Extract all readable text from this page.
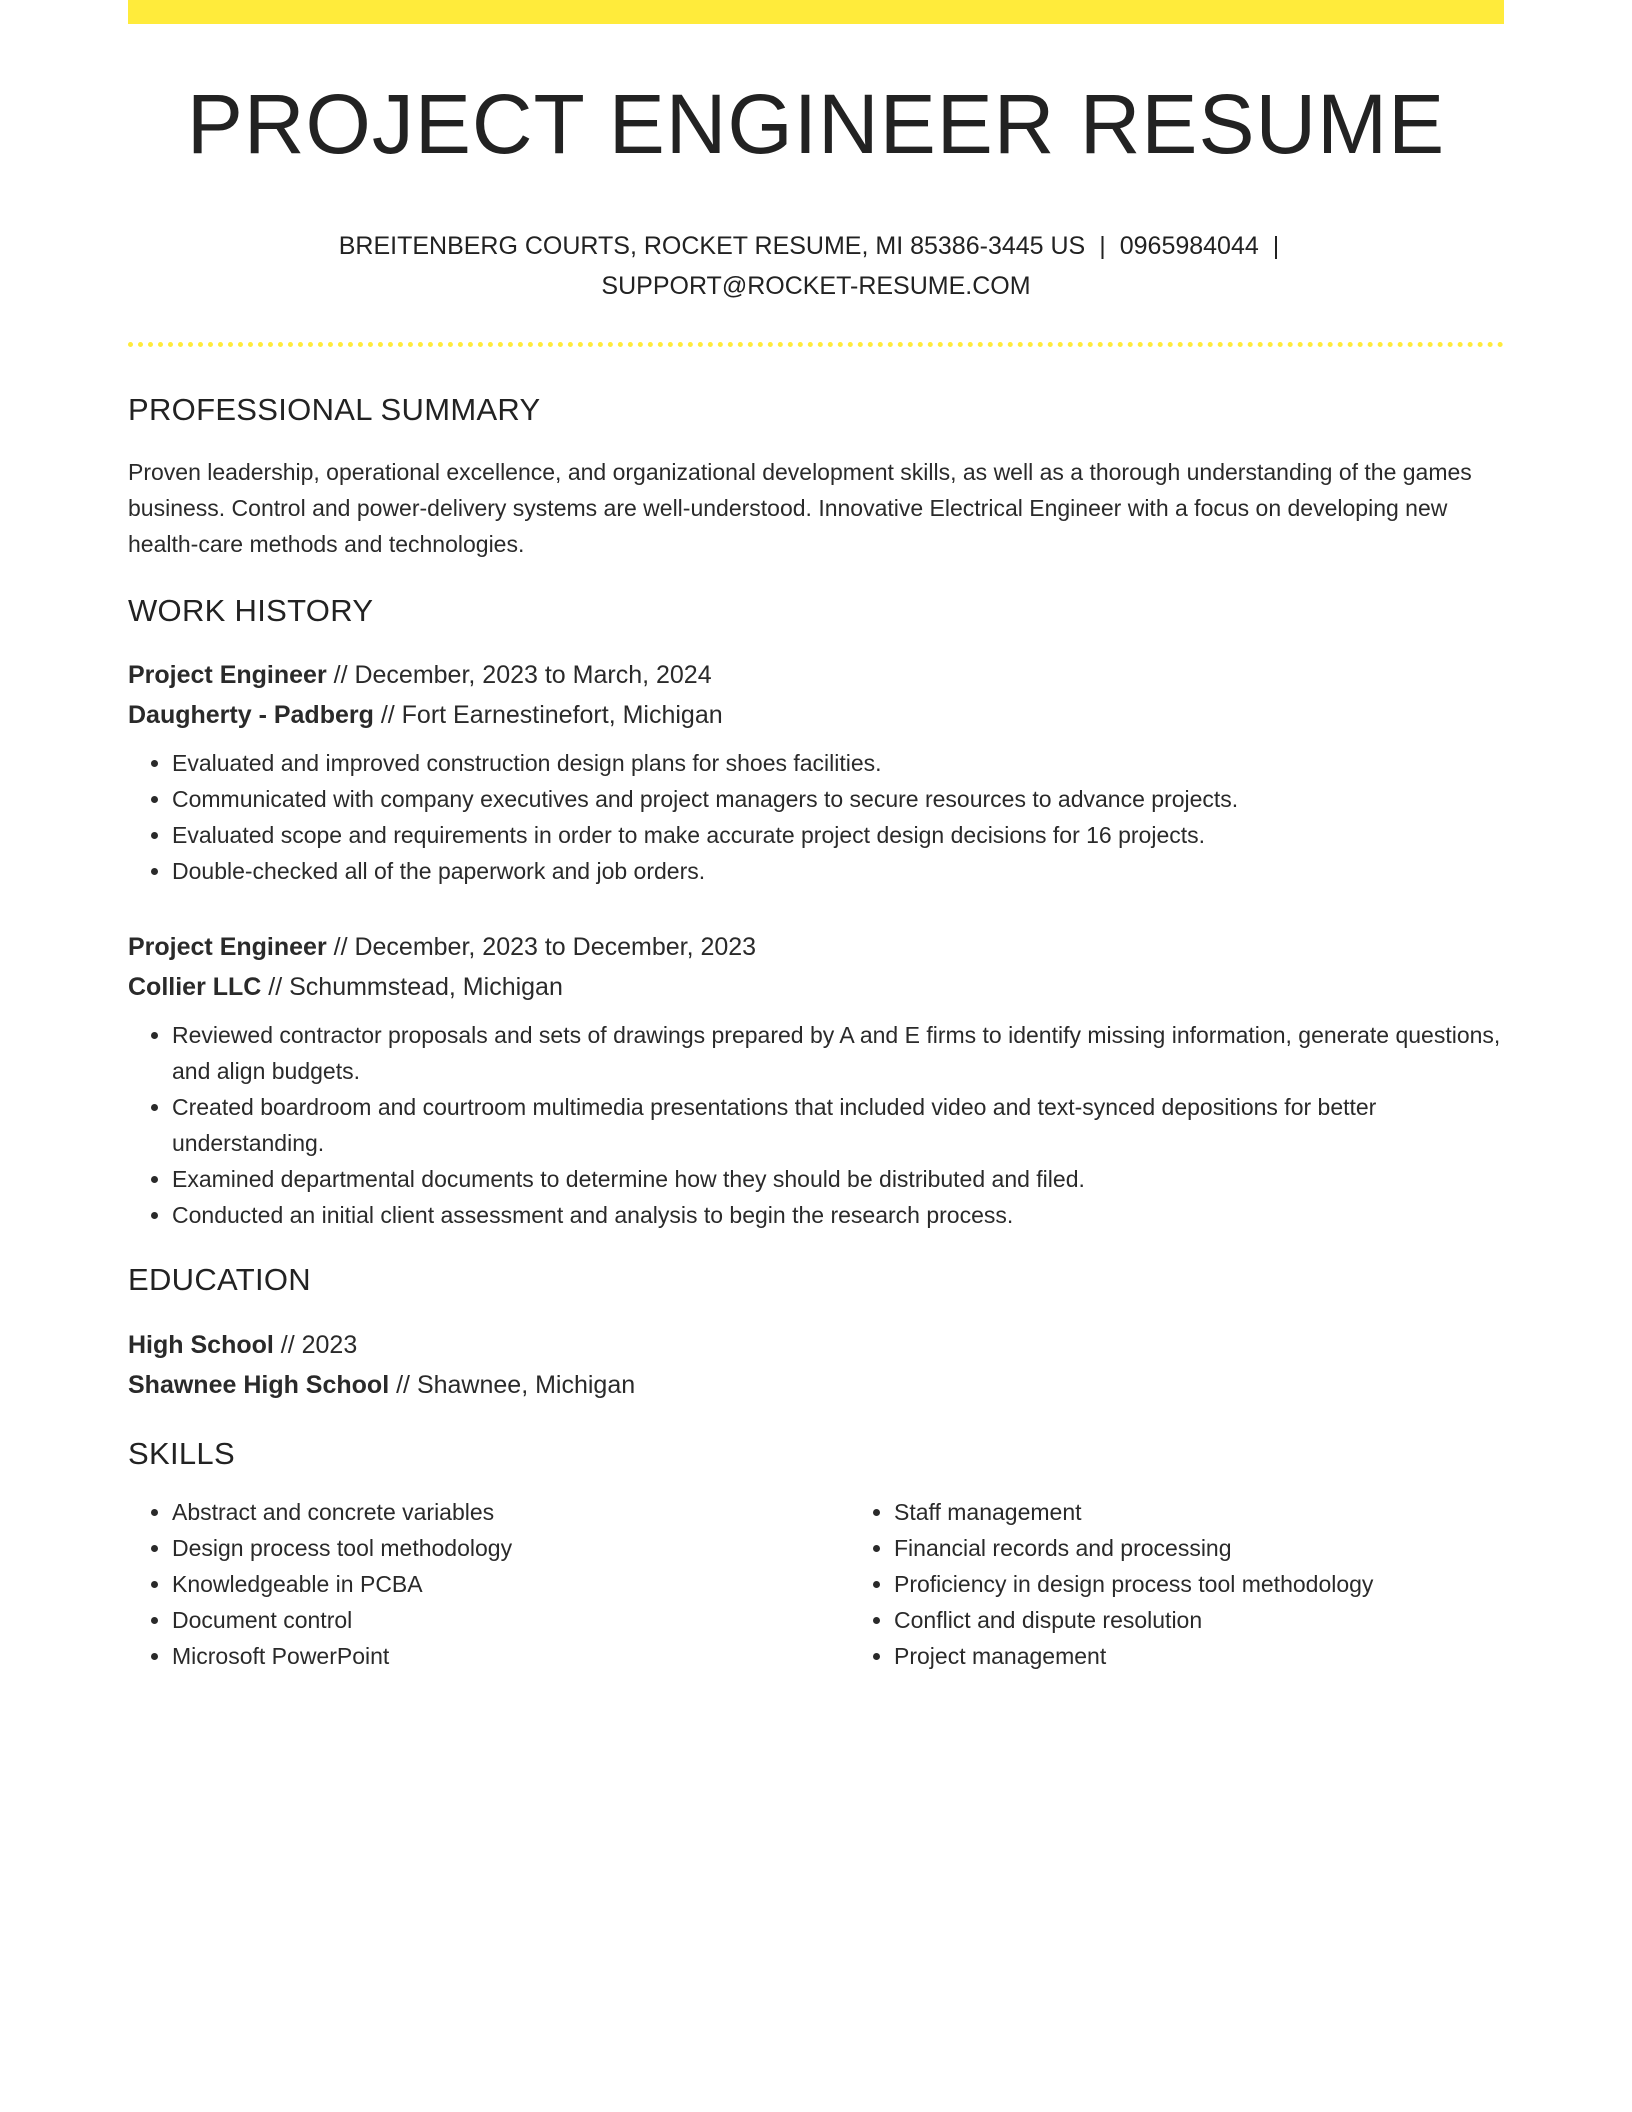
PROJECT ENGINEER RESUME
BREITENBERG COURTS, ROCKET RESUME, MI 85386-3445 US | 0965984044 |
SUPPORT@ROCKET-RESUME.COM
PROFESSIONAL SUMMARY

Proven leadership, operational excellence, and organizational development skills, as well as a thorough understanding of the games business. Control and power-delivery systems are well-understood. Innovative Electrical Engineer with a focus on developing new health-care methods and technologies.

WORK HISTORY
Project Engineer // December, 2023 to March, 2024
Daugherty - Padberg // Fort Earnestinefort, Michigan
• Evaluated and improved construction design plans for shoes facilities.
• Communicated with company executives and project managers to secure resources to advance projects.
• Evaluated scope and requirements in order to make accurate project design decisions for 16 projects.
• Double-checked all of the paperwork and job orders.
Project Engineer // December, 2023 to December, 2023
Collier LLC // Schummstead, Michigan
• Reviewed contractor proposals and sets of drawings prepared by A and E firms to identify missing information, generate questions, and align budgets.
• Created boardroom and courtroom multimedia presentations that included video and text-synced depositions for better understanding.
• Examined departmental documents to determine how they should be distributed and filed.
• Conducted an initial client assessment and analysis to begin the research process.
EDUCATION
High School // 2023
Shawnee High School // Shawnee, Michigan
SKILLS
• Abstract and concrete variables
• Design process tool methodology
• Knowledgeable in PCBA
• Document control
• Microsoft PowerPoint
• Staff management
• Financial records and processing
• Proficiency in design process tool methodology
• Conflict and dispute resolution
• Project management
